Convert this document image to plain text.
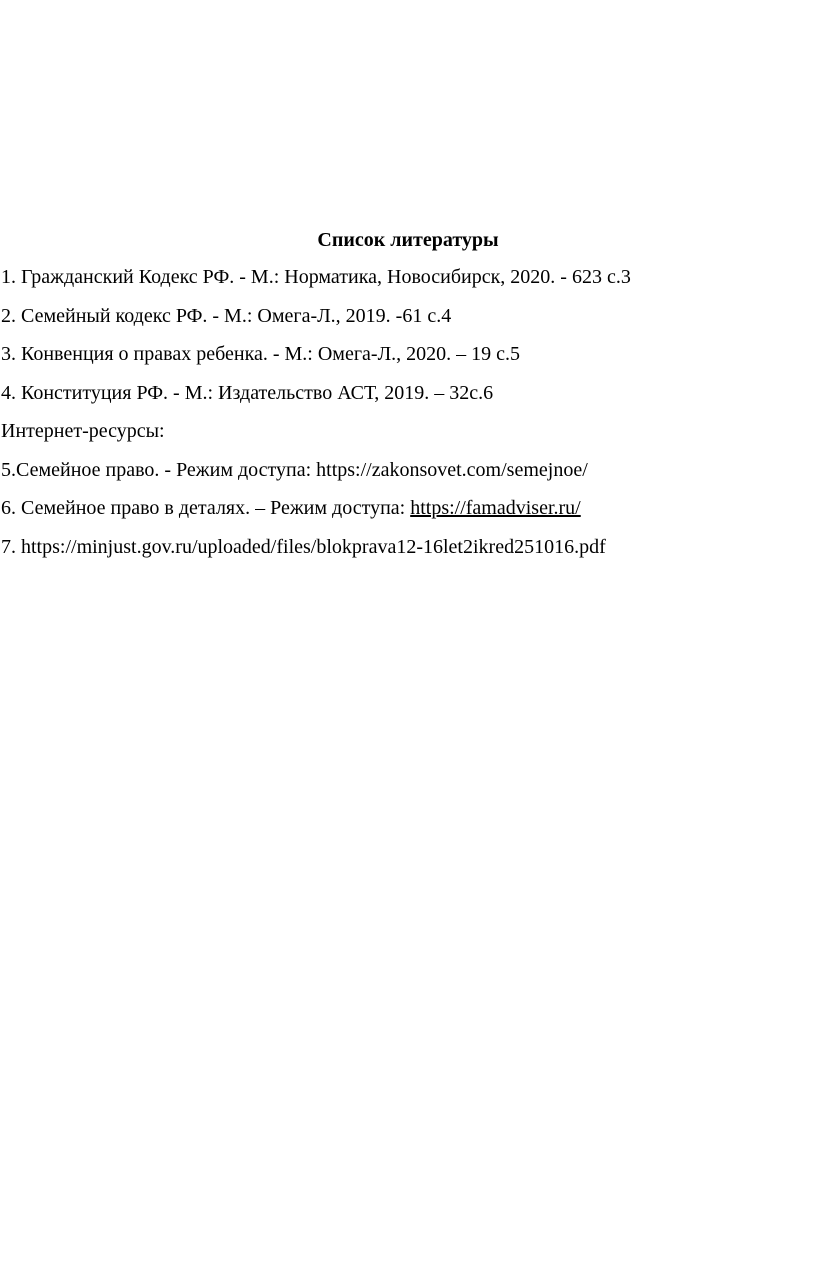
Список литературы
1. Гражданский Кодекс РФ. - М.: Норматика, Новосибирск, 2020. - 623 с.3
2. Семейный кодекс РФ. - М.: Омега-Л., 2019. -61 с.4
3. Конвенция о правах ребенка. - М.: Омега-Л., 2020. – 19 с.5
4. Конституция РФ. - М.: Издательство АСТ, 2019. – 32с.6
Интернет-ресурсы:
5.Семейное право. - Режим доступа: https://zakonsovet.com/semejnoe/
6. Семейное право в деталях. – Режим доступа: https://famadviser.ru/
7. https://minjust.gov.ru/uploaded/files/blokprava12-16let2ikred251016.pdf
